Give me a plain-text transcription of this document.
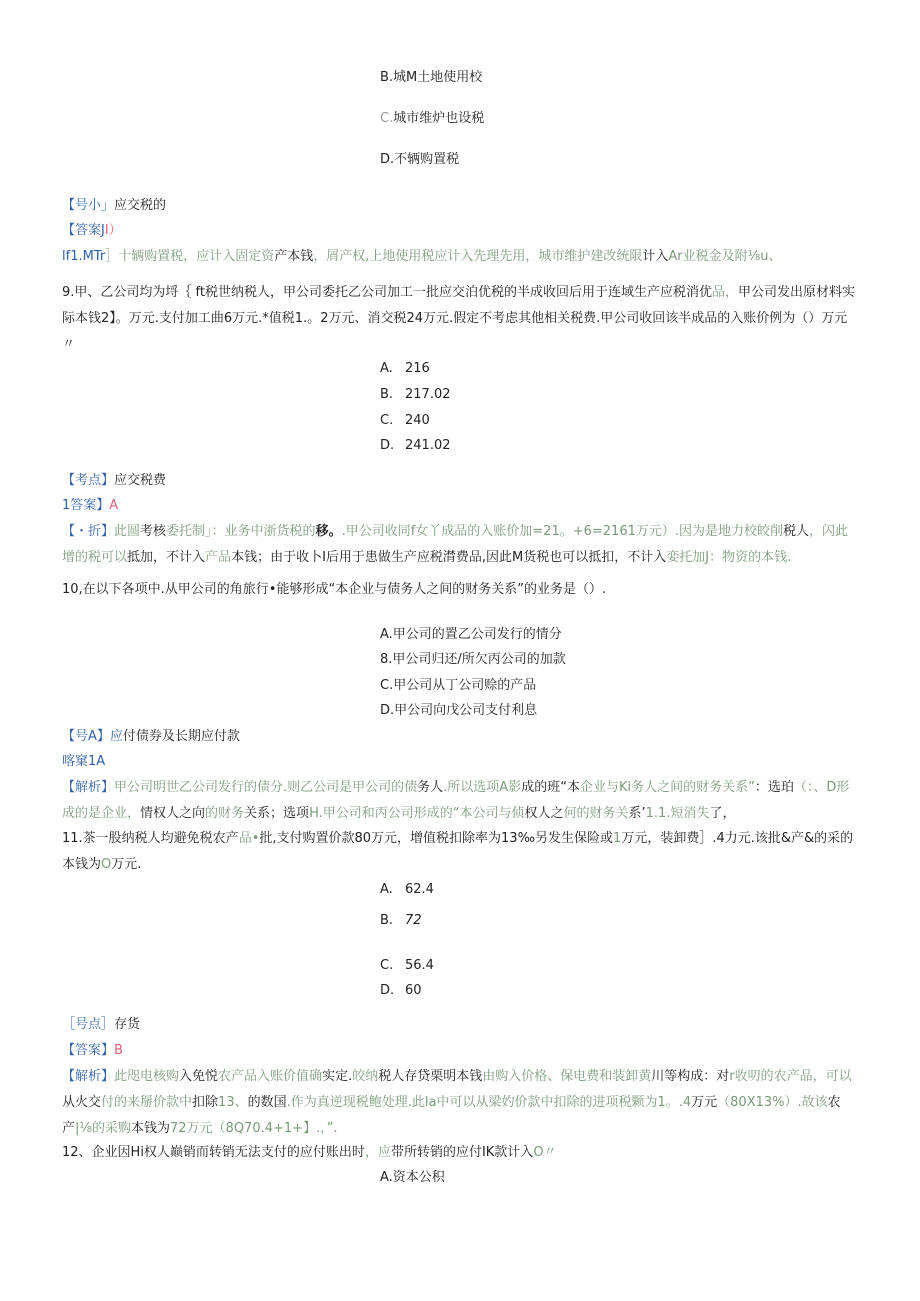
B.城M土地使用校
C.城市维炉也设税
D.不辆购置税
【号小」应交税的
【答案JI）
lf1.MTr］十辆购置税，应计入固定资产本钱，屑产权,上地使用税应计入先理先用，城市维护建改统限计入Ar业税金及附⅛u、
9.甲、乙公司均为埒｛ ft税世纳税人，甲公司委托乙公司加工一批应交泊优税的半成收回后用于连域生产应税消优品，甲公司发出原材料实际本钱2】。万元.支付加工曲6万元.*值税1.。2万元、消交税24万元.假定不考虑其他相关税费.甲公司收回该半成品的入账价例为（）万元〃
A. 216
B. 217.02
C. 240
D. 241.02
【考点】应交税费
1答案】A
【・折】此圆考核委托制」：业务中浙货税的移。.甲公司收同f女丫成品的入账价加=21。+6=2161万元）.因为是地力校皎削税人，闪此增的税可以抵加，不计入产品本钱；由于收卜I后用于患做生产应税潸费品,因此M货税也可以抵扣，不计入娈托加J：物资的本钱.
10,在以下各项中.从甲公司的角旅行•能够形成“本企业与债务人之间的财务关系”的业务是（）.
A.甲公司的置乙公司发行的情分
8.甲公司归还/所欠丙公司的加款
C.甲公司从丁公司赊的产品
D.甲公司向戊公司支付利息
【号A】应付债券及长期应付款
喀窠1A
【解析】甲公司明世乙公司发行的债分.则乙公司是甲公司的债务人.所以选项A影成的班“本企业与Ki务人之间的财务关系”：选珀（：、D形成的是企业，情权人之向的财务关系；选项H.甲公司和丙公司形成的“本公司与侦权人之何的财务关系’1.1.短消失了，
11.茶一股纳税人均避免税农产品•批,支付购置价款80万元，增值税扣除率为13‰另发生保险或1万元，装卸费］.4力元.该批&产&的采的本钱为O万元.
A. 62.4
B. 72
C. 56.4
D. 60
［号点］存货
【答案】B
【解析】此咫电核购入免悦农产品入账价值确实定.皎纳税人存贷栗明本钱由购入价格、保电费和装卸黄川等构成：对r收叨的农产品，可以从火交付的来掰价款中扣除13、的数国.作为真逆现税鲍处理.此la中可以从梁妁价款中扣除的进项税颗为1。.4万元（80X13%）.故该农产|⅛的采购本钱为72万元（8Q70.4+1+】.，”.
12、企业因Hi权人巅销而转销无法支付的应付账出时，应带所转销的应付IK款计入O〃
A.资本公积
